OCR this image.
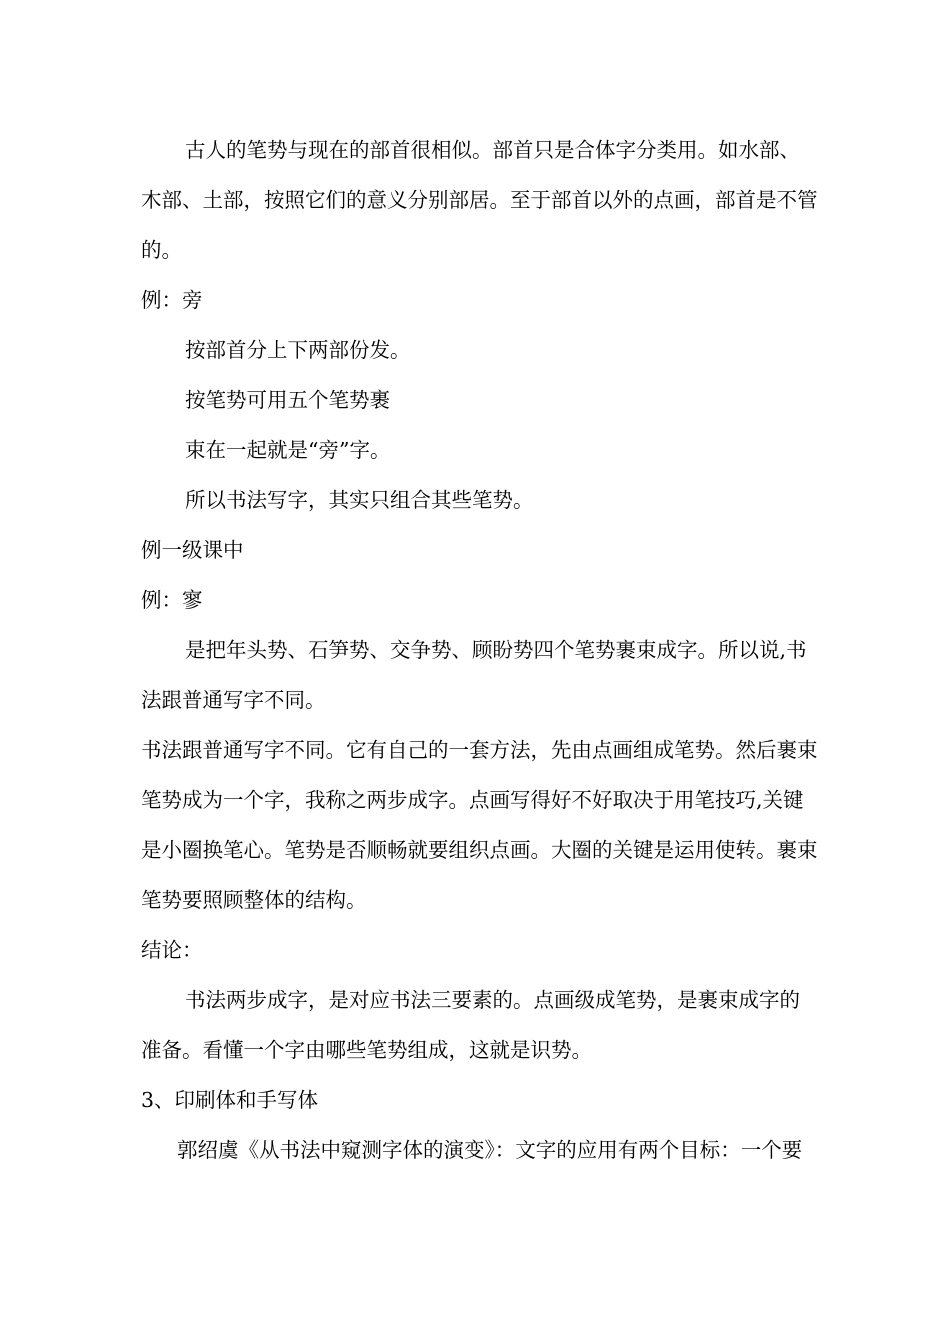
古人的笔势与现在的部首很相似。部首只是合体字分类用。如水部、
木部、土部，按照它们的意义分别部居。至于部首以外的点画，部首是不管
的。
例：旁
按部首分上下两部份发。
按笔势可用五个笔势裹
束在一起就是“旁”字。
所以书法写字，其实只组合其些笔势。
例一级课中
例：寥
是把年头势、石笋势、交争势、顾盼势四个笔势裹束成字。所以说,书
法跟普通写字不同。
书法跟普通写字不同。它有自己的一套方法，先由点画组成笔势。然后裹束
笔势成为一个字，我称之两步成字。点画写得好不好取决于用笔技巧,关键
是小圈换笔心。笔势是否顺畅就要组织点画。大圈的关键是运用使转。裹束
笔势要照顾整体的结构。
结论：
书法两步成字，是对应书法三要素的。点画级成笔势，是裹束成字的
准备。看懂一个字由哪些笔势组成，这就是识势。
3、印刷体和手写体
郭绍虞《从书法中窥测字体的演变》：文字的应用有两个目标：一个要
